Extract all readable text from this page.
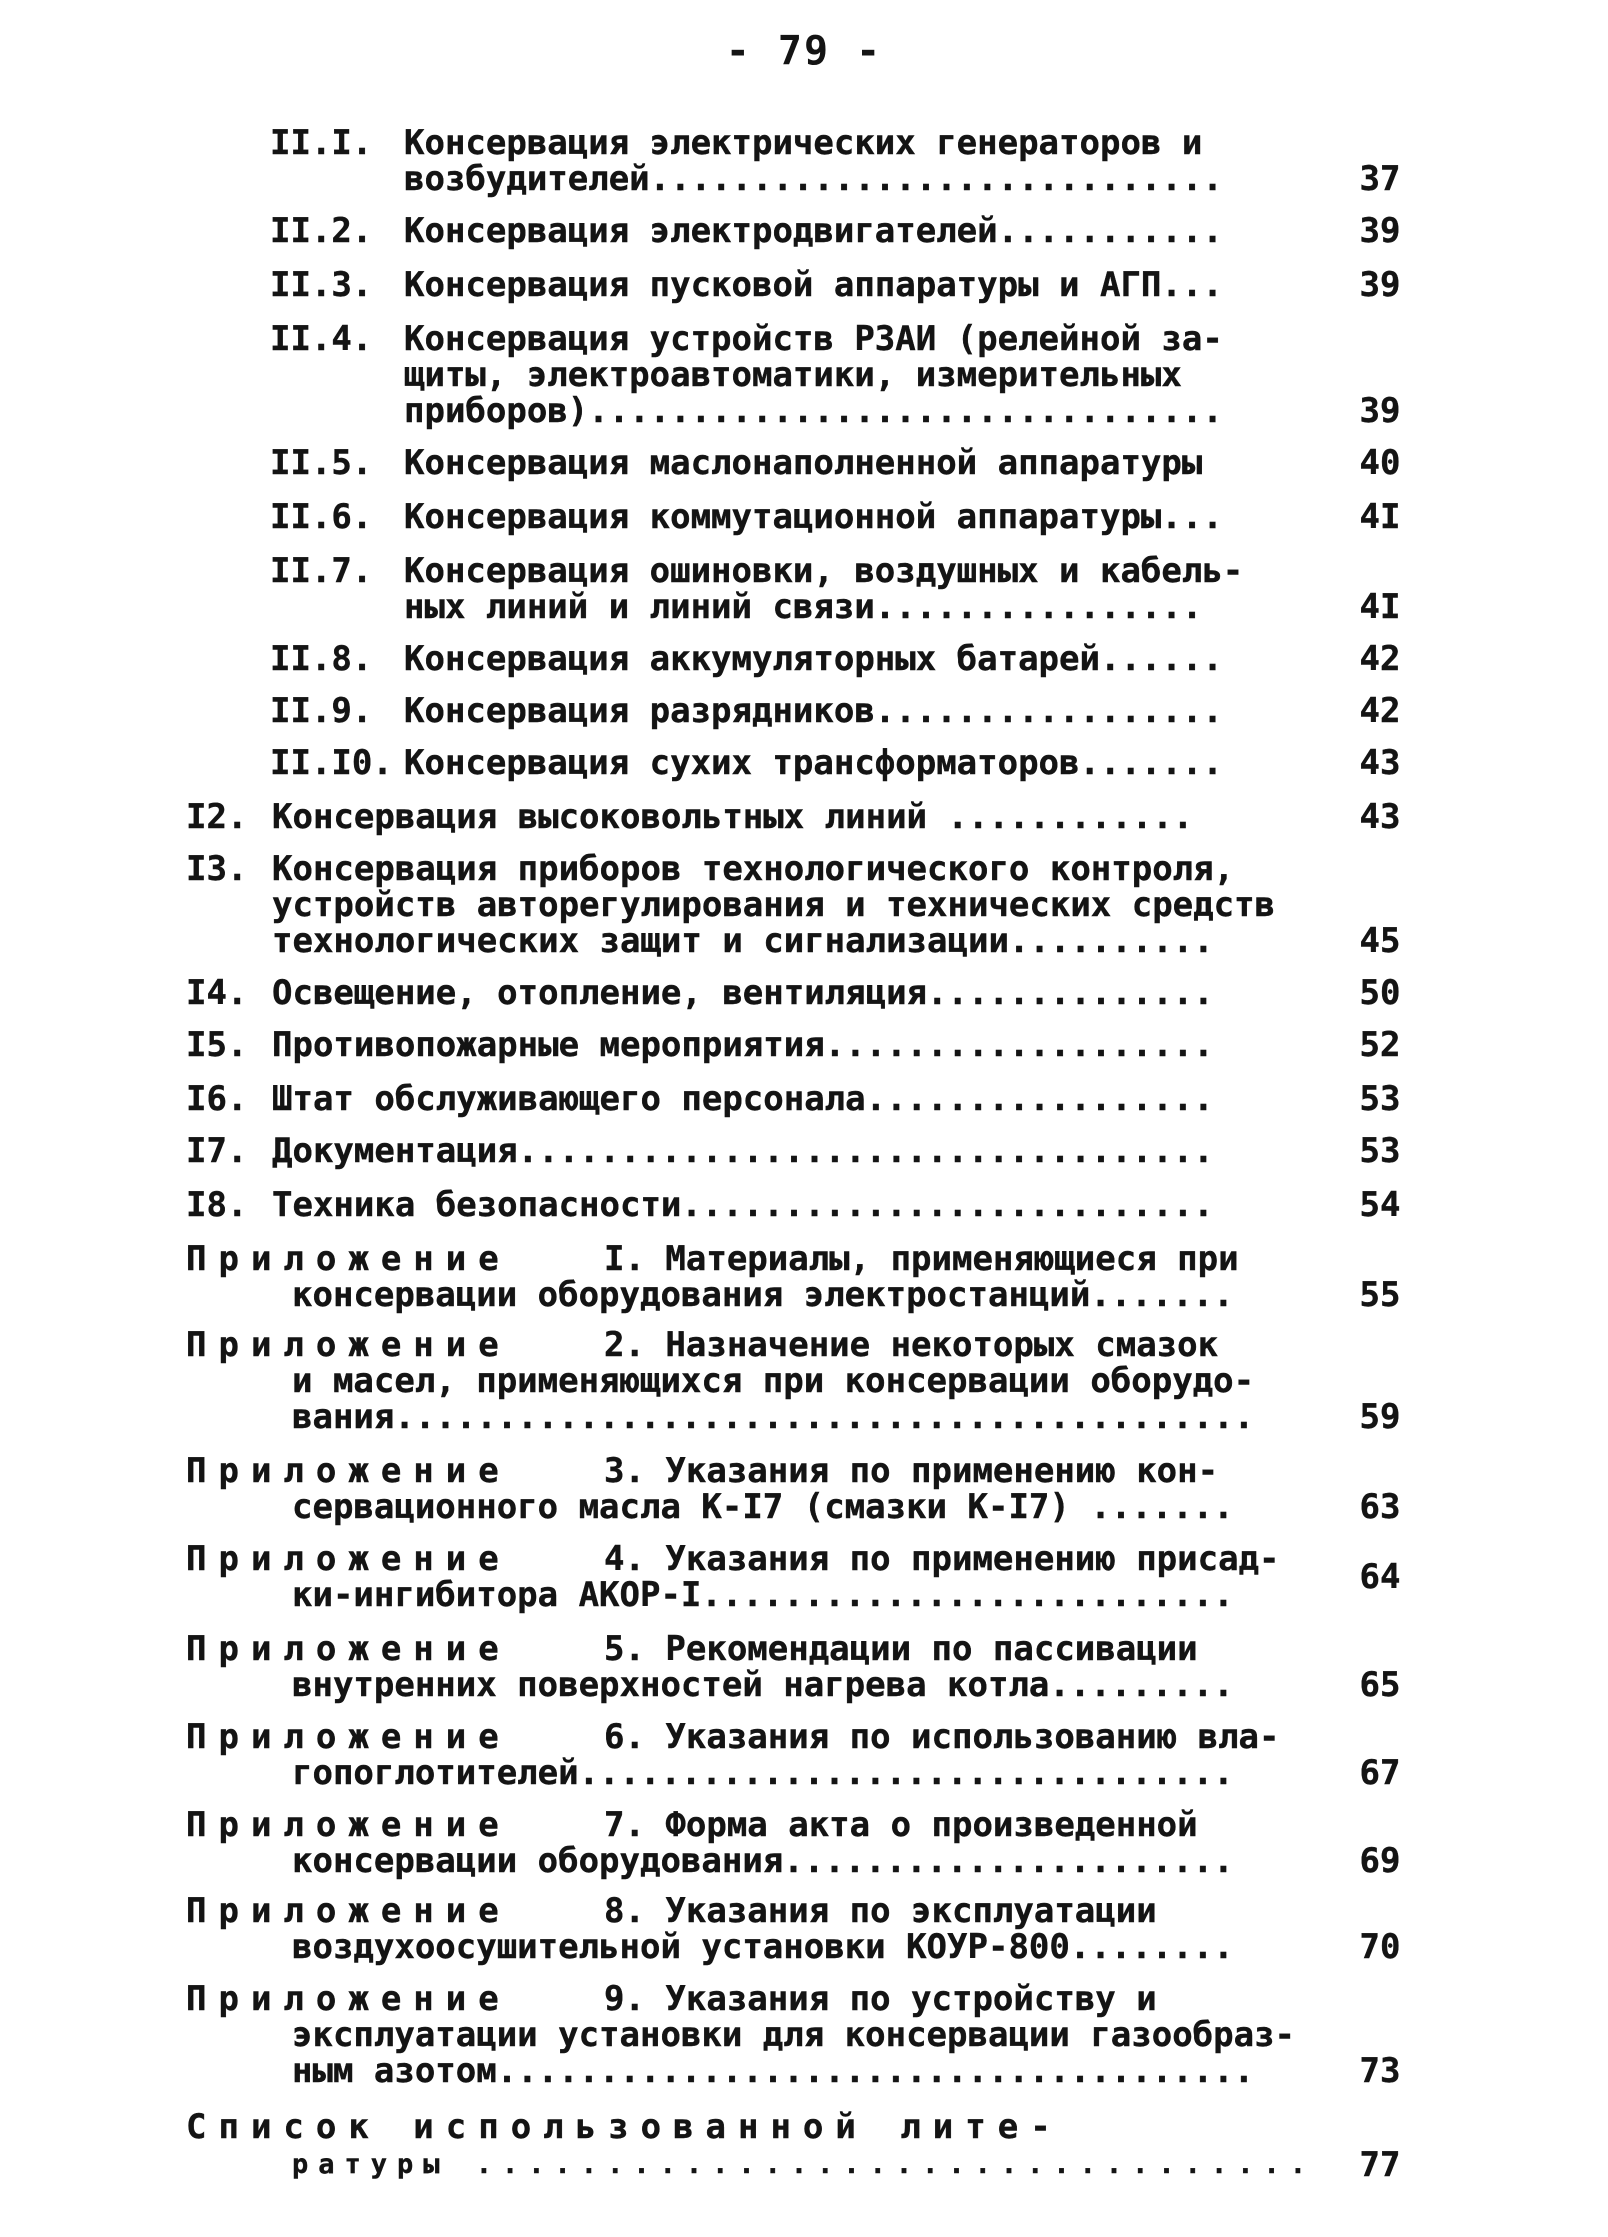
- 79 -
II.I. Консервация электрических генераторов и
возбудителей............................	37
II.2. Консервация электродвигателей...........	39
II.3. Консервация пусковой аппаратуры и АГП...	39
II.4. Консервация устройств РЗАИ (релейной за-
щиты, электроавтоматики, измерительных
приборов)...............................	39
II.5. Консервация маслонаполненной аппаратуры	40
II.6. Консервация коммутационной аппаратуры...	4I
II.7. Консервация ошиновки, воздушных и кабель-
ных линий и линий связи................	4I
II.8. Консервация аккумуляторных батарей......	42
II.9. Консервация разрядников.................	42
II.I0. Консервация сухих трансформаторов.......	43
I2. Консервация высоковольтных линий ............	43
I3. Консервация приборов технологического контроля,
устройств авторегулирования и технических средств
технологических защит и сигнализации..........	45
I4. Освещение, отопление, вентиляция..............	50
I5. Противопожарные мероприятия...................	52
I6. Штат обслуживающего персонала.................	53
I7. Документация..................................	53
I8. Техника безопасности..........................	54
Приложение	I. Материалы, применяющиеся при
консервации оборудования электростанций.......	55
Приложение	2. Назначение некоторых смазок
и масел, применяющихся при консервации оборудо-
вания..........................................	59
Приложение	3. Указания по применению кон-
сервационного масла К-I7 (смазки К-I7) .......	63
Приложение	4. Указания по применению присад-
ки-ингибитора АКОР-I..........................	64
Приложение	5. Рекомендации по пассивации
внутренних поверхностей нагрева котла.........	65
Приложение	6. Указания по использованию вла-
гопоглотителей................................	67
Приложение	7. Форма акта о произведенной
консервации оборудования......................	69
Приложение	8. Указания по эксплуатации
воздухоосушительной установки КОУР-800........	70
Приложение	9. Указания по устройству и
эксплуатации установки для консервации газообраз-
ным азотом.....................................	73
Список использованной лите-
ратуры ................................	77
